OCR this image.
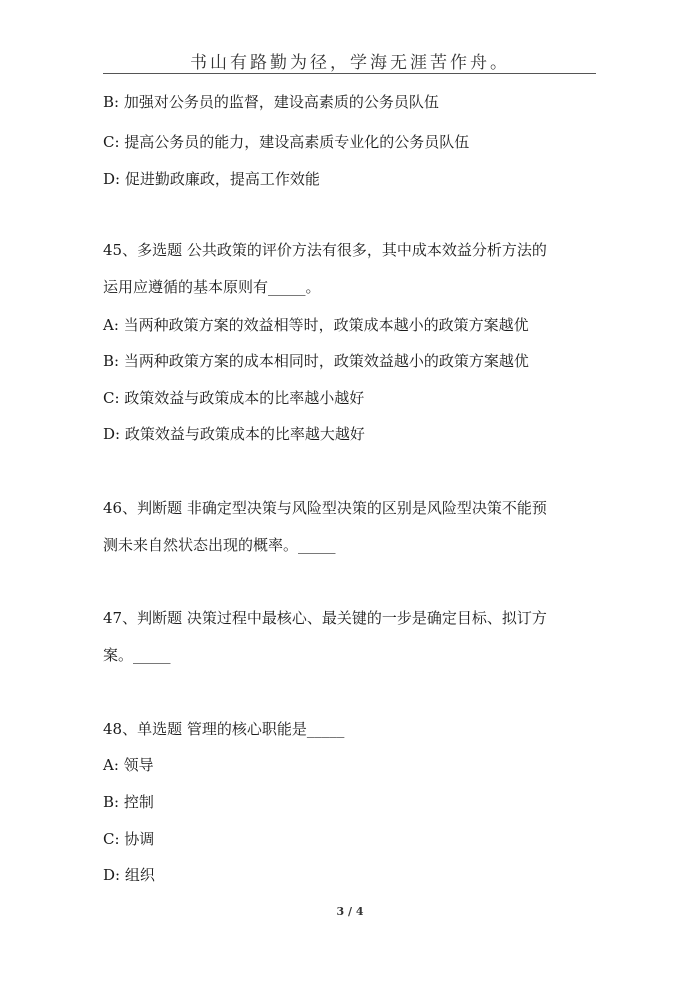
书山有路勤为径，学海无涯苦作舟。
B: 加强对公务员的监督，建设高素质的公务员队伍
C: 提高公务员的能力，建设高素质专业化的公务员队伍
D: 促进勤政廉政，提高工作效能
45、多选题 公共政策的评价方法有很多，其中成本效益分析方法的
运用应遵循的基本原则有_____。
A: 当两种政策方案的效益相等时，政策成本越小的政策方案越优
B: 当两种政策方案的成本相同时，政策效益越小的政策方案越优
C: 政策效益与政策成本的比率越小越好
D: 政策效益与政策成本的比率越大越好
46、判断题 非确定型决策与风险型决策的区别是风险型决策不能预
测未来自然状态出现的概率。_____
47、判断题 决策过程中最核心、最关键的一步是确定目标、拟订方
案。_____
48、单选题 管理的核心职能是_____
A: 领导
B: 控制
C: 协调
D: 组织
3 / 4
